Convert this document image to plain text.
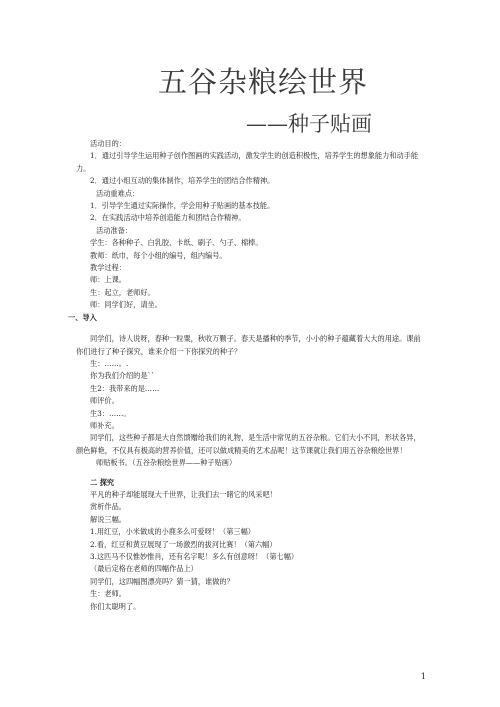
五谷杂粮绘世界
——种子贴画

活动目的：

1．通过引导学生运用种子创作图画的实践活动，激发学生的创造积极性，培养学生的想象能力和动手能力。

2．通过小组互动的集体制作，培养学生的团结合作精神。

活动重难点：

1．引导学生通过实际操作，学会用种子贴画的基本技能。

2．在实践活动中培养创造能力和团结合作精神。

活动准备：

学生：各种种子、白乳胶、卡纸、刷子、勺子、棉棒。

教师：纸巾，每个小组的编号，组内编号。

教学过程：

师：上课。

生：起立，老师好。

师：同学们好，请坐。

一、导入

同学们，诗人说呀，春种一粒粟，秋收万颗子。春天是播种的季节，小小的种子蕴藏着大大的用途。课前你们进行了种子探究，谁来介绍一下你探究的种子？

生：……。.

你为我们介绍的是``

生2：我带来的是……

师评价。

生3：……。

师补充。

同学们，这些种子都是大自然馈赠给我们的礼物，是生活中常见的五谷杂粮。它们大小不同，形状各异，颜色鲜艳，不仅具有极高的营养价值，还可以做成精美的艺术品呢！这节课就让我们用五谷杂粮绘世界！

师贴板书。（五谷杂粮绘世界——种子贴画）

二 探究

平凡的种子却能展现大千世界，让我们去一睹它的风采吧！

赏析作品。

解说三幅。

1.用红豆，小米做成的小鹿多么可爱呀！（第三幅）

2.看，红豆和黄豆展现了一场激烈的拔河比赛！（第六幅）

3.这匹马不仅惟妙惟肖，还有名字呢！多么有创意呀！（第七幅）

（最后定格在老师的四幅作品上）

同学们，这四幅图漂亮吗？猜一猜，谁做的？

生：老师。

你们太聪明了。

1
